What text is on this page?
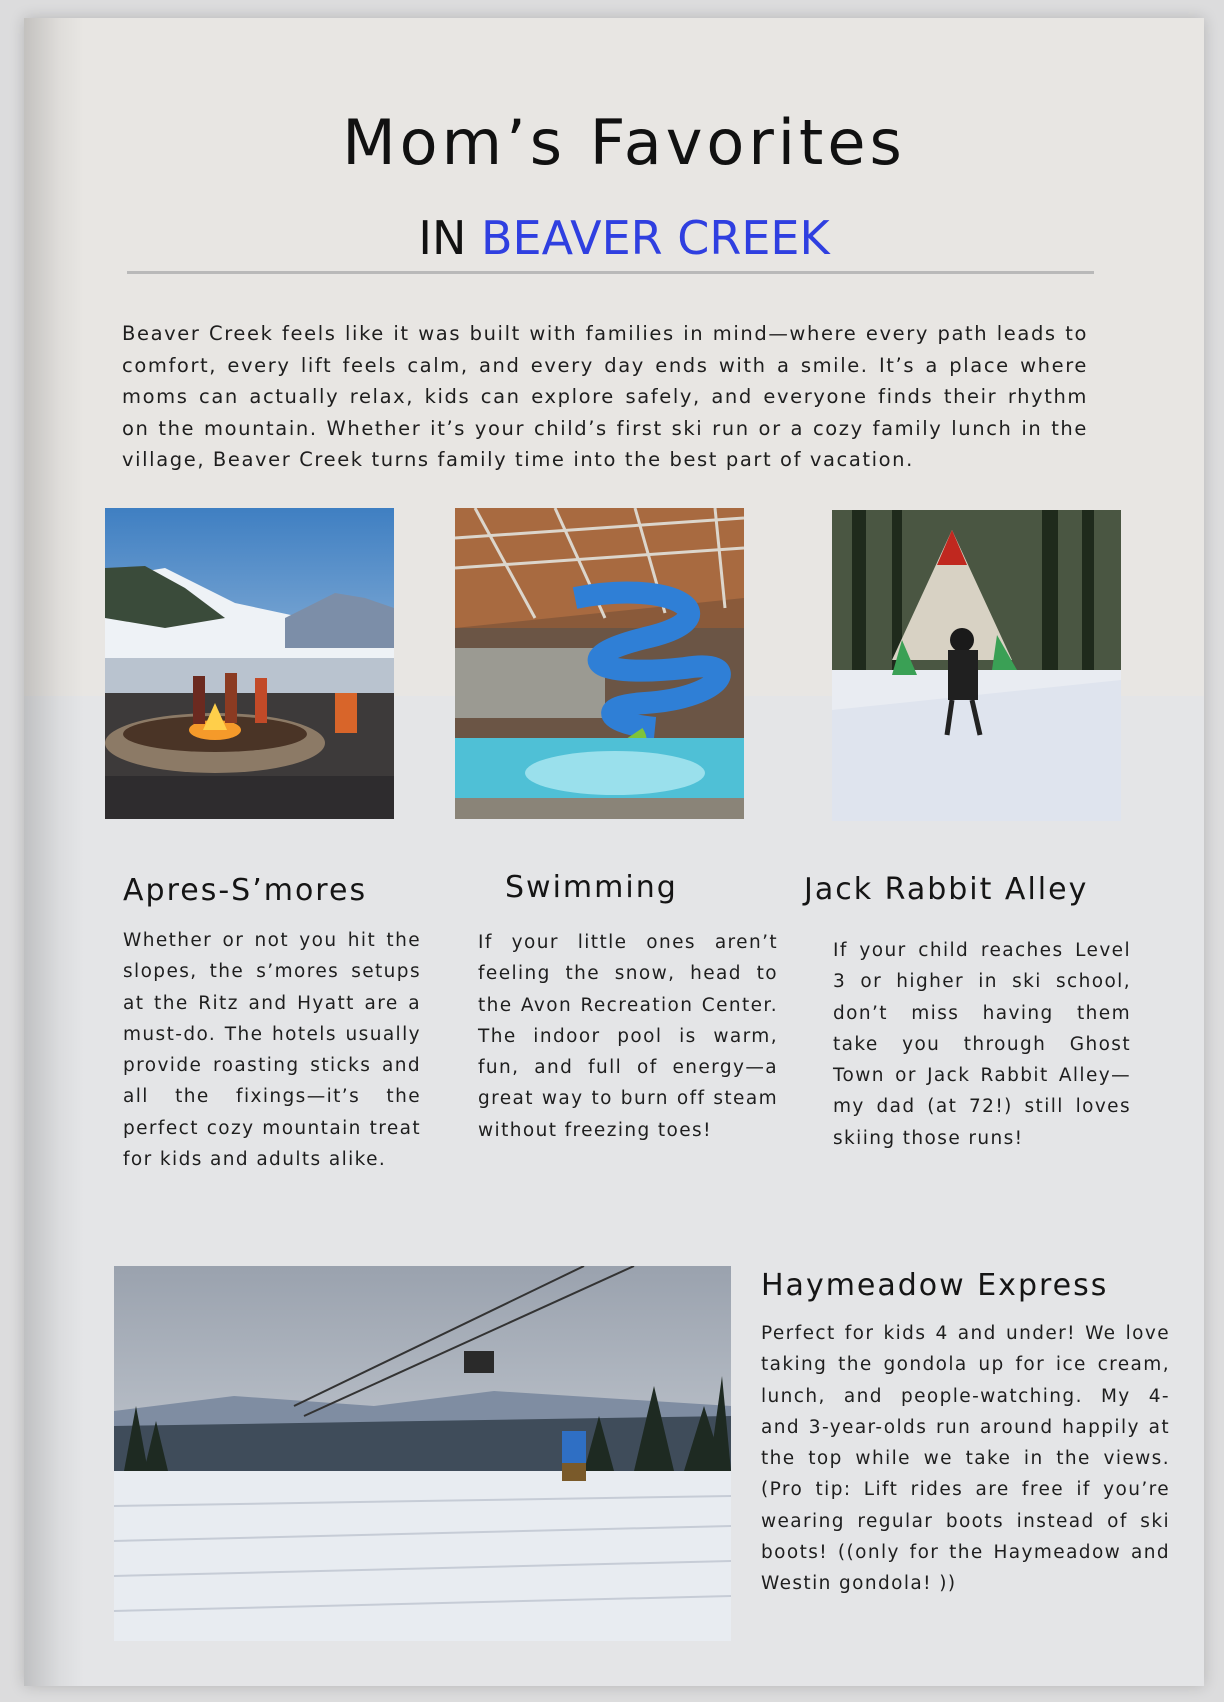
Mom’s Favorites
IN BEAVER CREEK
Beaver Creek feels like it was built with families in mind—where every path leads to comfort, every lift feels calm, and every day ends with a smile. It’s a place where moms can actually relax, kids can explore safely, and everyone finds their rhythm on the mountain. Whether it’s your child’s first ski run or a cozy family lunch in the village, Beaver Creek turns family time into the best part of vacation.
Apres-S’mores	Swimming	Jack Rabbit Alley
Whether or not you hit the slopes, the s’mores setups at the Ritz and Hyatt are a must-do. The hotels usually provide roasting sticks and all the fixings—it’s the perfect cozy mountain treat for kids and adults alike.
If your little ones aren’t feeling the snow, head to the Avon Recreation Center. The indoor pool is warm, fun, and full of energy—a great way to burn off steam without freezing toes!
If your child reaches Level 3 or higher in ski school, don’t miss having them take you through Ghost Town or Jack Rabbit Alley—my dad (at 72!) still loves skiing those runs!
Haymeadow Express
Perfect for kids 4 and under! We love taking the gondola up for ice cream, lunch, and people-watching. My 4- and 3-year-olds run around happily at the top while we take in the views. (Pro tip: Lift rides are free if you’re wearing regular boots instead of ski boots! ((only for the Haymeadow and Westin gondola! ))
